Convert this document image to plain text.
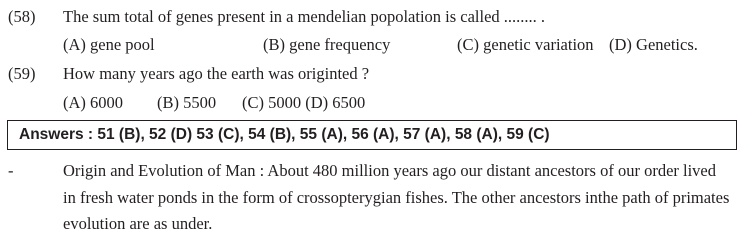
(58) The sum total of genes present in a mendelian popolation is called ........ .
(A) gene pool	(B) gene frequency	(C) genetic variation (D) Genetics.
(59) How many years ago the earth was originted ?
(A) 6000 (B) 5500 (C) 5000 (D) 6500
Answers : 51 (B), 52 (D) 53 (C), 54 (B), 55 (A), 56 (A), 57 (A), 58 (A), 59 (C)
-	Origin and Evolution of Man : About 480 million years ago our distant ancestors of our order lived
in fresh water ponds in the form of crossopterygian fishes. The other ancestors inthe path of primates
evolution are as under.
